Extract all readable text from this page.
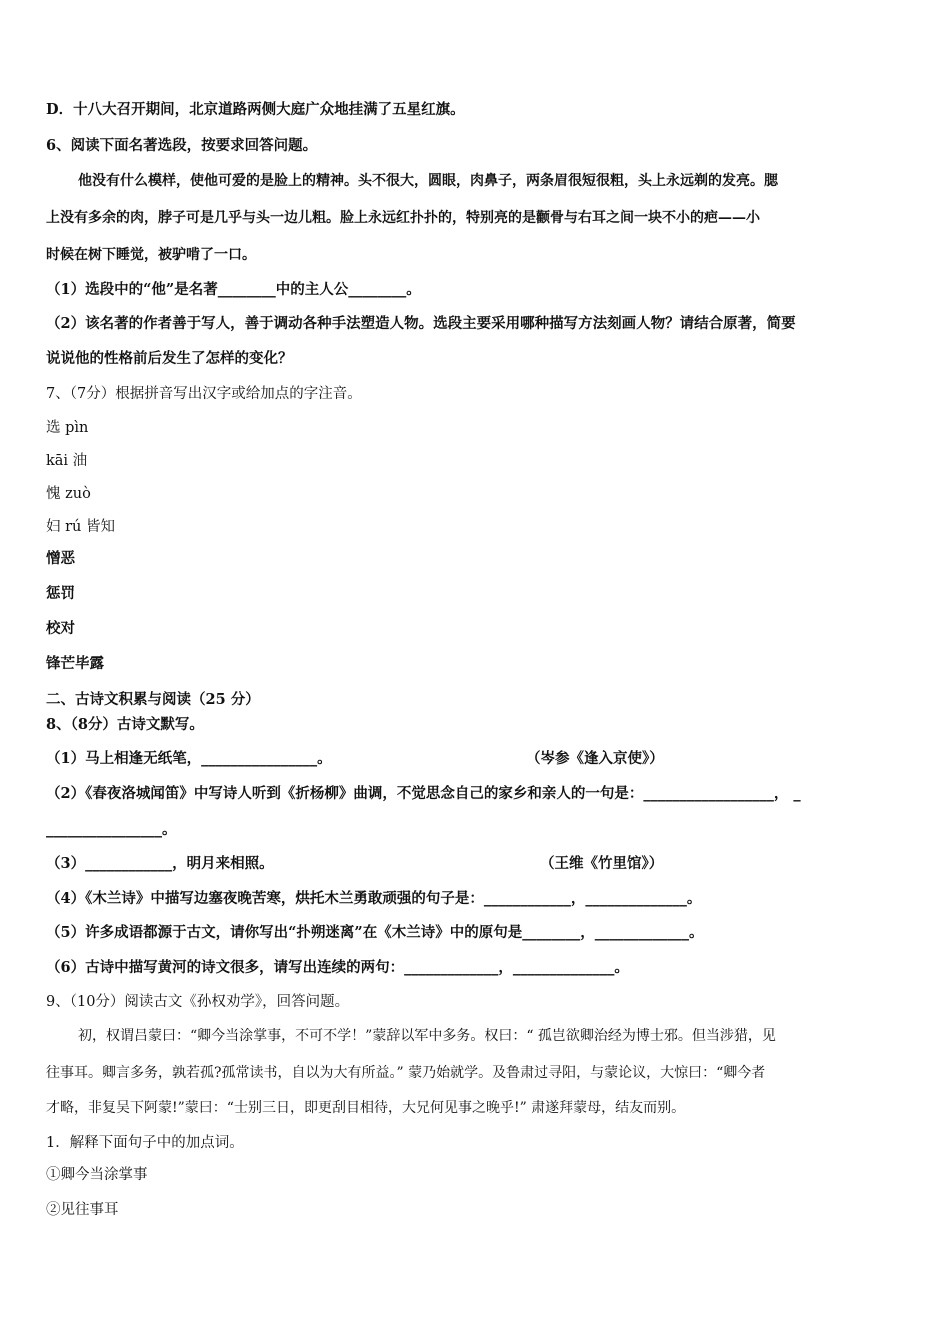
D．十八大召开期间，北京道路两侧大庭广众地挂满了五星红旗。
6、阅读下面名著选段，按要求回答问题。
他没有什么模样，使他可爱的是脸上的精神。头不很大，圆眼，肉鼻子，两条眉很短很粗，头上永远剃的发亮。腮
上没有多余的肉，脖子可是几乎与头一边儿粗。脸上永远红扑扑的，特别亮的是颧骨与右耳之间一块不小的疤——小
时候在树下睡觉，被驴啃了一口。
（1）选段中的“他”是名著________中的主人公________。
（2）该名著的作者善于写人，善于调动各种手法塑造人物。选段主要采用哪种描写方法刻画人物？请结合原著，简要
说说他的性格前后发生了怎样的变化？
7、（7分）根据拼音写出汉字或给加点的字注音。
选 pìn
kāi 油
愧 zuò
妇 rú 皆知
憎恶
惩罚
校对
锋芒毕露
二、古诗文积累与阅读（25 分）
8、（8分）古诗文默写。
（1）马上相逢无纸笔，________________。	（岑参《逢入京使》）
（2）《春夜洛城闻笛》中写诗人听到《折杨柳》曲调，不觉思念自己的家乡和亲人的一句是：__________________， _
________________。
（3）____________，明月来相照。	（王维《竹里馆》）
（4）《木兰诗》中描写边塞夜晚苦寒，烘托木兰勇敢顽强的句子是：____________，______________。
（5）许多成语都源于古文，请你写出“扑朔迷离”在《木兰诗》中的原句是________，_____________。
（6）古诗中描写黄河的诗文很多，请写出连续的两句：_____________，______________。
9、（10分）阅读古文《孙权劝学》，回答问题。
初，权谓吕蒙曰：“卿今当涂掌事，不可不学！”蒙辞以军中多务。权曰：“ 孤岂欲卿治经为博士邪。但当涉猎，见
往事耳。卿言多务，孰若孤?孤常读书，自以为大有所益。” 蒙乃始就学。及鲁肃过寻阳，与蒙论议，大惊曰：“卿今者
才略，非复吴下阿蒙!”蒙曰：“士别三日，即更刮目相待，大兄何见事之晚乎!” 肃遂拜蒙母，结友而别。
1．解释下面句子中的加点词。
①卿今当涂掌事
②见往事耳
